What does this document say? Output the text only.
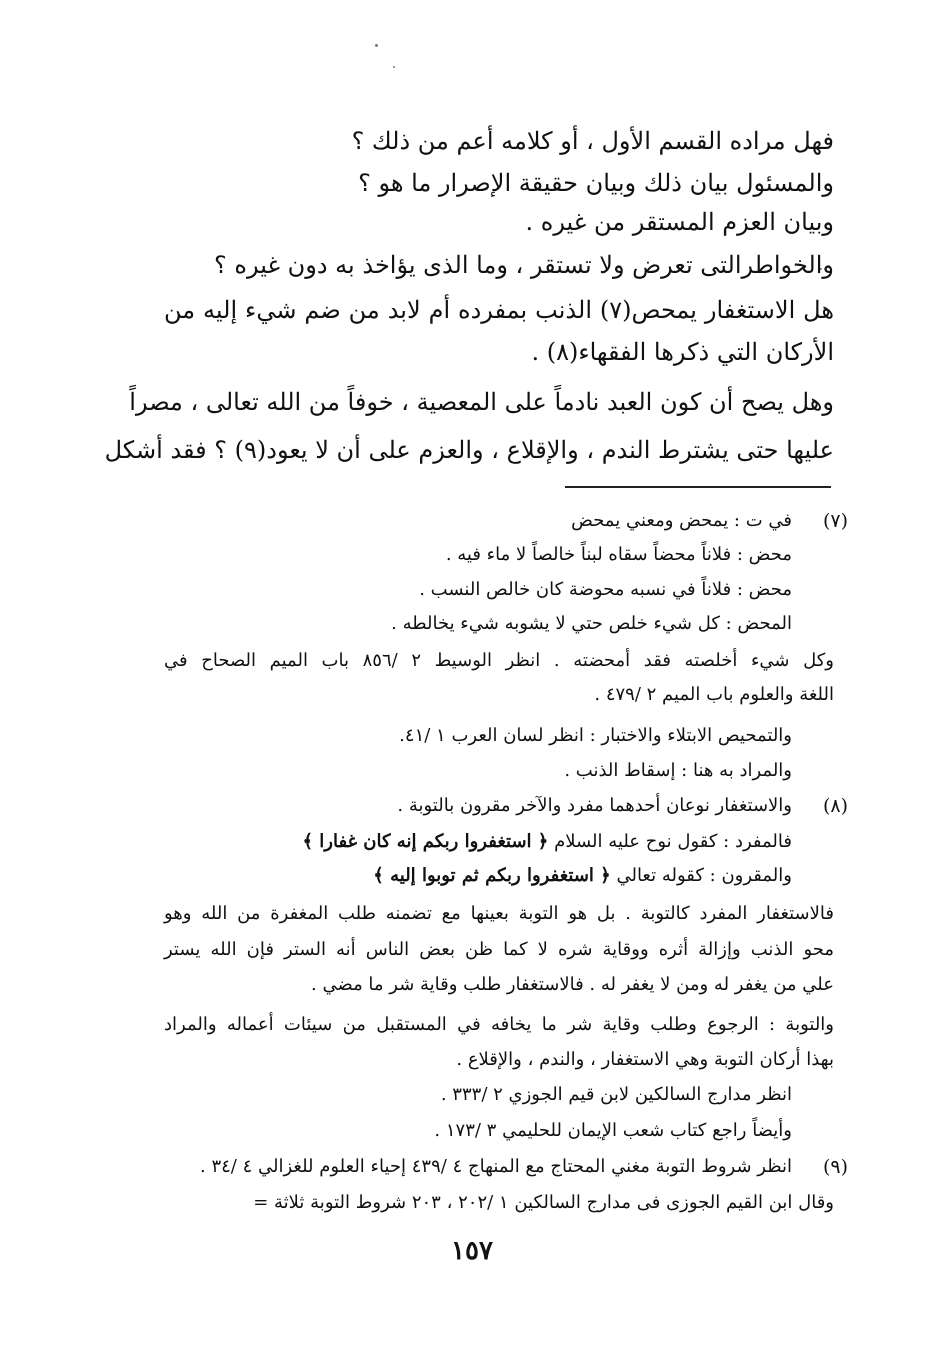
فهل مراده القسم الأول ، أو كلامه أعم من ذلك ؟
والمسئول بيان ذلك وبيان حقيقة الإصرار ما هو ؟
وبيان العزم المستقر من غيره .
والخواطرالتى تعرض ولا تستقر ، وما الذى يؤاخذ به دون غيره ؟
هل الاستغفار يمحص(٧) الذنب بمفرده أم لابد من ضم شيء إليه من
الأركان التي ذكرها الفقهاء(٨) .
وهل يصح أن كون العبد نادماً على المعصية ، خوفاً من الله تعالى ، مصراً
عليها حتى يشترط الندم ، والإقلاع ، والعزم على أن لا يعود(٩) ؟ فقد أشكل
(٧)
في ت : يمحض ومعني يمحض
محض : فلاناً محضاً سقاه لبناً خالصاً لا ماء فيه .
محض : فلاناً في نسبه محوضة كان خالص النسب .
المحض : كل شيء خلص حتي لا يشوبه شيء يخالطه .
وكل شيء أخلصته فقد أمحضته . انظر الوسيط ٢ /٨٥٦ باب الميم الصحاح في
اللغة والعلوم باب الميم ٢ /٤٧٩ .
والتمحيص الابتلاء والاختبار : انظر لسان العرب ١ /٤١.
والمراد به هنا : إسقاط الذنب .
(٨)
والاستغفار نوعان أحدهما مفرد والآخر مقرون بالتوبة .
فالمفرد : كقول نوح عليه السلام ﴿ استغفروا ربكم إنه كان غفارا ﴾
والمقرون : كقوله تعالي ﴿ استغفروا ربكم ثم توبوا إليه ﴾
فالاستغفار المفرد كالتوبة . بل هو التوبة بعينها مع تضمنه طلب المغفرة من الله وهو
محو الذنب وإزالة أثره ووقاية شره لا كما ظن بعض الناس أنه الستر فإن الله يستر
علي من يغفر له ومن لا يغفر له . فالاستغفار طلب وقاية شر ما مضي .
والتوبة : الرجوع وطلب وقاية شر ما يخافه في المستقبل من سيئات أعماله والمراد
بهذا أركان التوبة وهي الاستغفار ، والندم ، والإقلاع .
انظر مدارج السالكين لابن قيم الجوزي ٢ /٣٣٣ .
وأيضاً راجع كتاب شعب الإيمان للحليمي ٣ /١٧٣ .
(٩)
انظر شروط التوبة مغني المحتاج مع المنهاج ٤ /٤٣٩ إحياء العلوم للغزالي ٤ /٣٤ .
وقال ابن القيم الجوزى فى مدارج السالكين ١ /٢٠٢ ، ٢٠٣ شروط التوبة ثلاثة =
١٥٧
